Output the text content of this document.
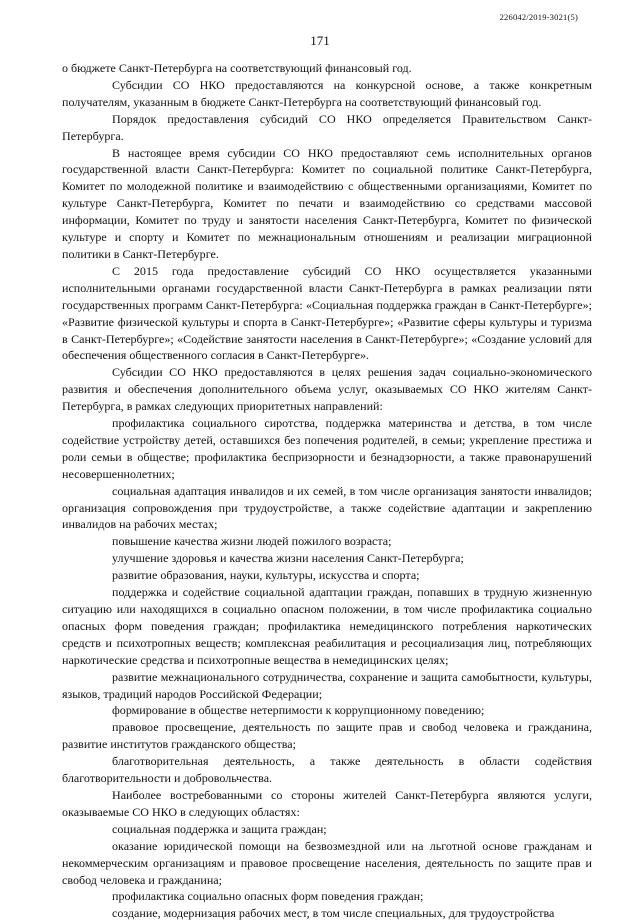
226042/2019-3021(5)
171

о бюджете Санкт-Петербурга на соответствующий финансовый год.

Субсидии СО НКО предоставляются на конкурсной основе, а также конкретным получателям, указанным в бюджете Санкт-Петербурга на соответствующий финансовый год.

Порядок предоставления субсидий СО НКО определяется Правительством Санкт-Петербурга.

В настоящее время субсидии СО НКО предоставляют семь исполнительных органов государственной власти Санкт-Петербурга: Комитет по социальной политике Санкт-Петербурга, Комитет по молодежной политике и взаимодействию с общественными организациями, Комитет по культуре Санкт-Петербурга, Комитет по печати и взаимодействию со средствами массовой информации, Комитет по труду и занятости населения Санкт-Петербурга, Комитет по физической культуре и спорту и Комитет по межнациональным отношениям и реализации миграционной политики в Санкт-Петербурге.

С 2015 года предоставление субсидий СО НКО осуществляется указанными исполнительными органами государственной власти Санкт-Петербурга в рамках реализации пяти государственных программ Санкт-Петербурга: «Социальная поддержка граждан в Санкт-Петербурге»; «Развитие физической культуры и спорта в Санкт-Петербурге»; «Развитие сферы культуры и туризма в Санкт-Петербурге»; «Содействие занятости населения в Санкт-Петербурге»; «Создание условий для обеспечения общественного согласия в Санкт-Петербурге».

Субсидии СО НКО предоставляются в целях решения задач социально-экономического развития и обеспечения дополнительного объема услуг, оказываемых СО НКО жителям Санкт-Петербурга, в рамках следующих приоритетных направлений:

профилактика социального сиротства, поддержка материнства и детства, в том числе содействие устройству детей, оставшихся без попечения родителей, в семьи; укрепление престижа и роли семьи в обществе; профилактика беспризорности и безнадзорности, а также правонарушений несовершеннолетних;

социальная адаптация инвалидов и их семей, в том числе организация занятости инвалидов; организация сопровождения при трудоустройстве, а также содействие адаптации и закреплению инвалидов на рабочих местах;

повышение качества жизни людей пожилого возраста;

улучшение здоровья и качества жизни населения Санкт-Петербурга;

развитие образования, науки, культуры, искусства и спорта;

поддержка и содействие социальной адаптации граждан, попавших в трудную жизненную ситуацию или находящихся в социально опасном положении, в том числе профилактика социально опасных форм поведения граждан; профилактика немедицинского потребления наркотических средств и психотропных веществ; комплексная реабилитация и ресоциализация лиц, потребляющих наркотические средства и психотропные вещества в немедицинских целях;

развитие межнационального сотрудничества, сохранение и защита самобытности, культуры, языков, традиций народов Российской Федерации;

формирование в обществе нетерпимости к коррупционному поведению;

правовое просвещение, деятельность по защите прав и свобод человека и гражданина, развитие институтов гражданского общества;

благотворительная деятельность, а также деятельность в области содействия благотворительности и добровольчества.

Наиболее востребованными со стороны жителей Санкт-Петербурга являются услуги, оказываемые СО НКО в следующих областях:

социальная поддержка и защита граждан;

оказание юридической помощи на безвозмездной или на льготной основе гражданам и некоммерческим организациям и правовое просвещение населения, деятельность по защите прав и свобод человека и гражданина;

профилактика социально опасных форм поведения граждан;

создание, модернизация рабочих мест, в том числе специальных, для трудоустройства
